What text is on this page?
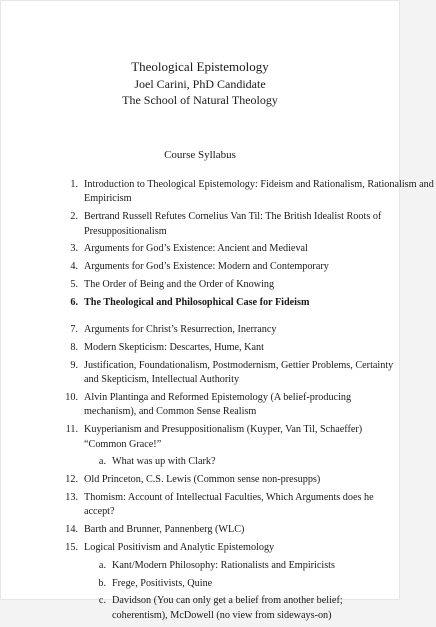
Theological Epistemology
Joel Carini, PhD Candidate
The School of Natural Theology
Course Syllabus
1. Introduction to Theological Epistemology: Fideism and Rationalism, Rationalism and Empiricism
2. Bertrand Russell Refutes Cornelius Van Til: The British Idealist Roots of Presuppositionalism
3. Arguments for God’s Existence: Ancient and Medieval
4. Arguments for God’s Existence: Modern and Contemporary
5. The Order of Being and the Order of Knowing
6. The Theological and Philosophical Case for Fideism
7. Arguments for Christ’s Resurrection, Inerrancy
8. Modern Skepticism: Descartes, Hume, Kant
9. Justification, Foundationalism, Postmodernism, Gettier Problems, Certainty and Skepticism, Intellectual Authority
10. Alvin Plantinga and Reformed Epistemology (A belief-producing mechanism), and Common Sense Realism
11. Kuyperianism and Presuppositionalism (Kuyper, Van Til, Schaeffer) “Common Grace!”
a. What was up with Clark?
12. Old Princeton, C.S. Lewis (Common sense non-presupps)
13. Thomism: Account of Intellectual Faculties, Which Arguments does he accept?
14. Barth and Brunner, Pannenberg (WLC)
15. Logical Positivism and Analytic Epistemology
a. Kant/Modern Philosophy: Rationalists and Empiricists
b. Frege, Positivists, Quine
c. Davidson (You can only get a belief from another belief; coherentism), McDowell (no view from sideways-on)
